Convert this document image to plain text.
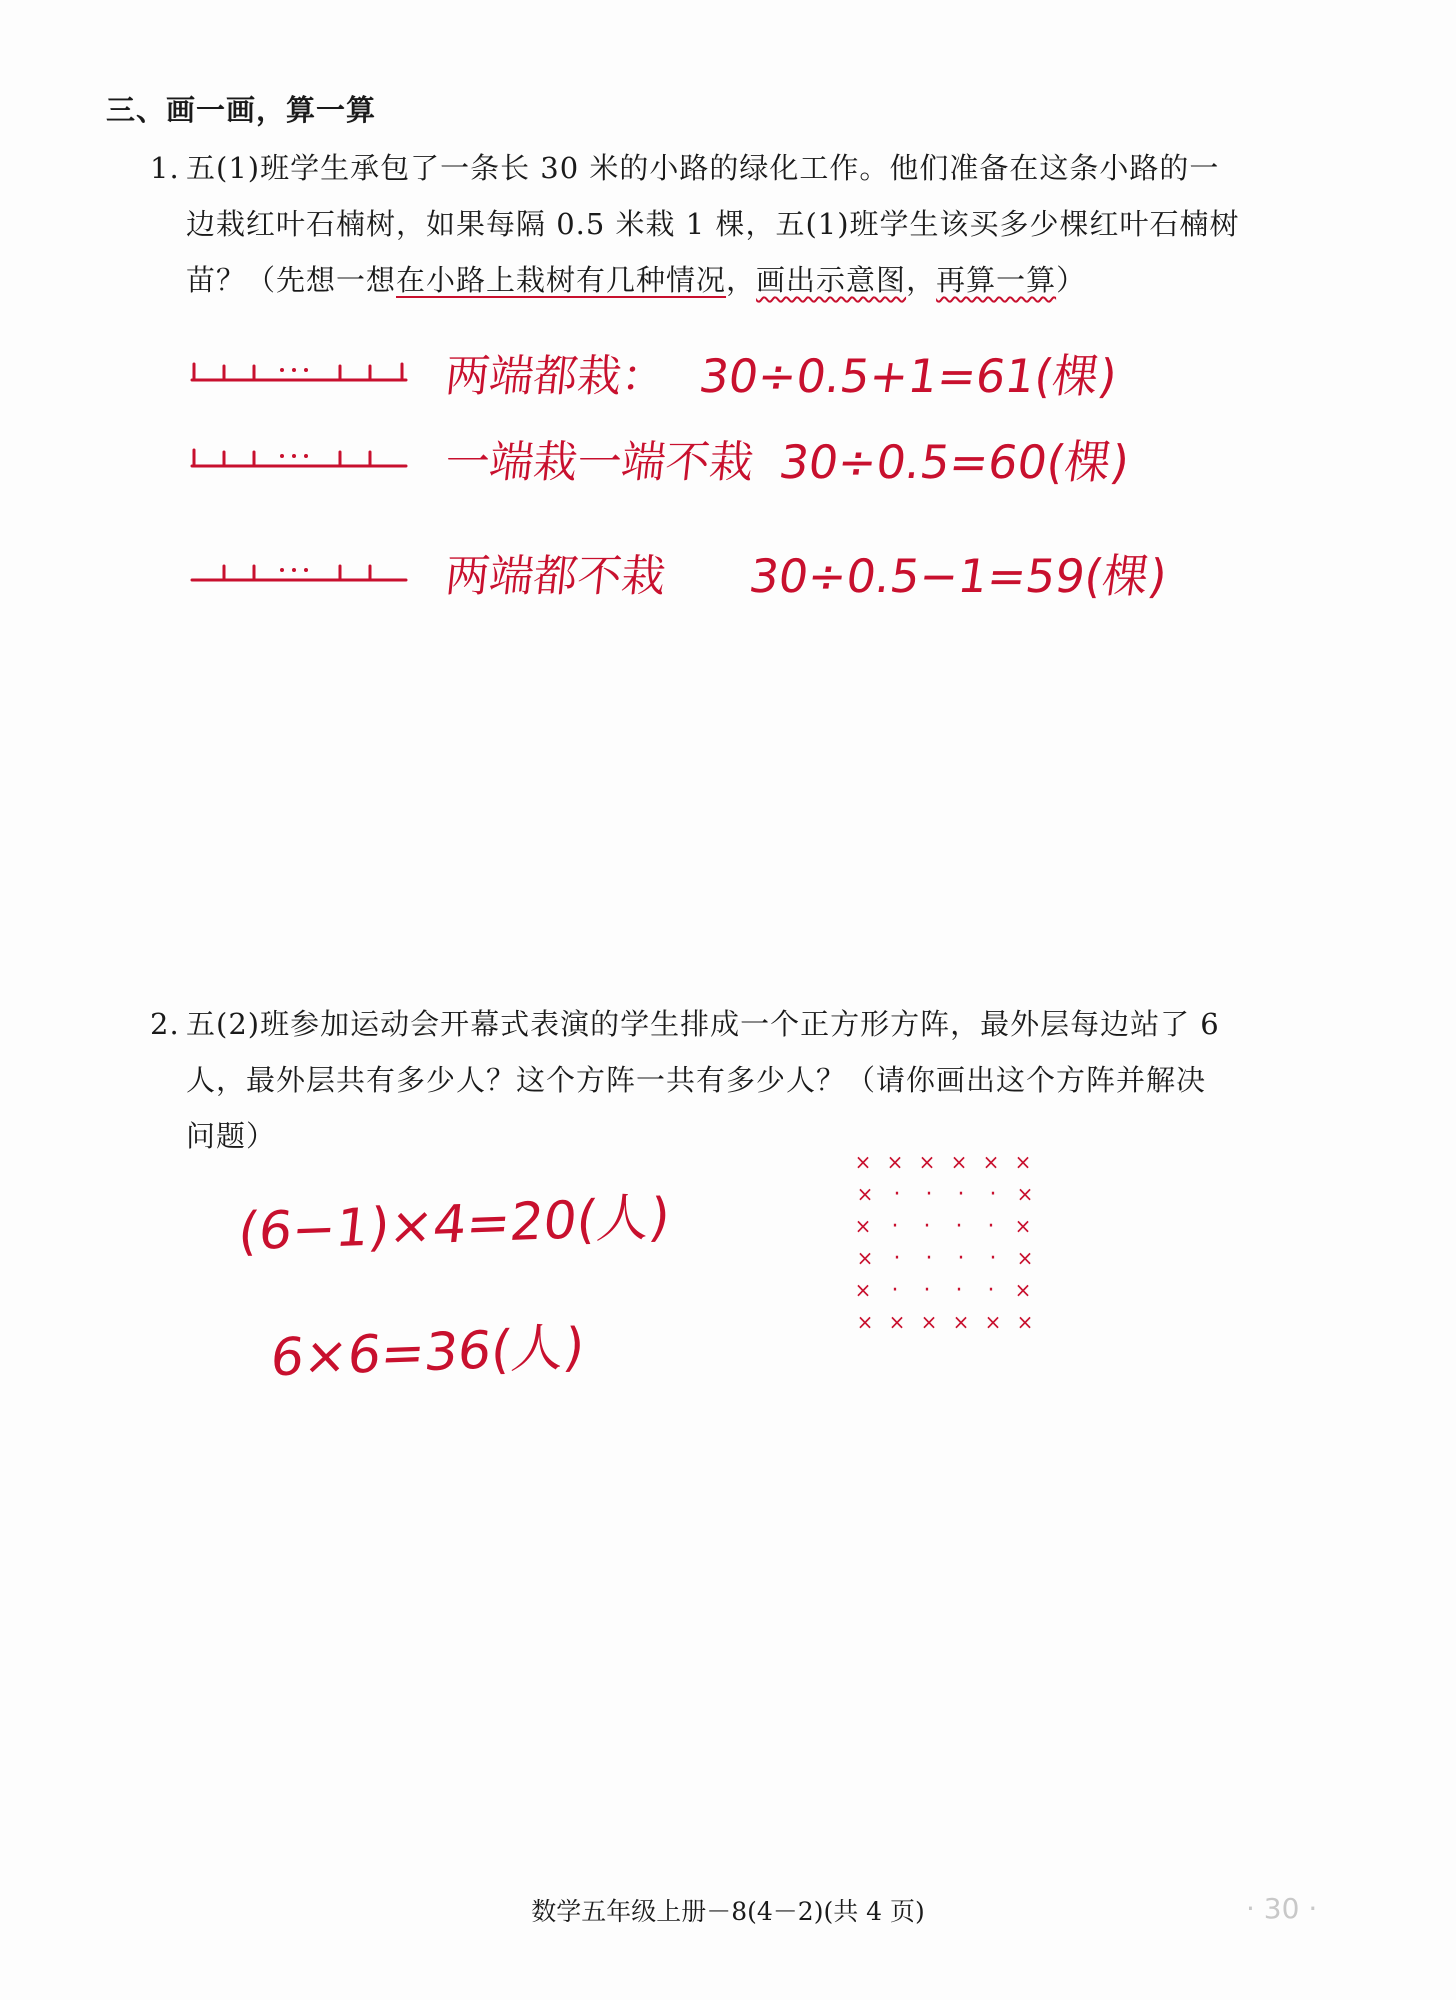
三、画一画，算一算
1. 五(1)班学生承包了一条长 30 米的小路的绿化工作。他们准备在这条小路的一
边栽红叶石楠树，如果每隔 0.5 米栽 1 棵，五(1)班学生该买多少棵红叶石楠树
苗？（先想一想在小路上栽树有几种情况，画出示意图，再算一算）
两端都栽： 30÷0.5+1=61(棵)
一端栽一端不栽 30÷0.5=60(棵)
两端都不栽 30÷0.5−1=59(棵)
2. 五(2)班参加运动会开幕式表演的学生排成一个正方形方阵，最外层每边站了 6
人，最外层共有多少人？这个方阵一共有多少人？（请你画出这个方阵并解决
问题）
(6−1)×4=20(人)
6×6=36(人)
× × × × × ×
× · · · · ×
× · · · · ×
× · · · · ×
× · · · · ×
× × × × × ×
数学五年级上册－8(4－2)(共 4 页)	· 30 ·
